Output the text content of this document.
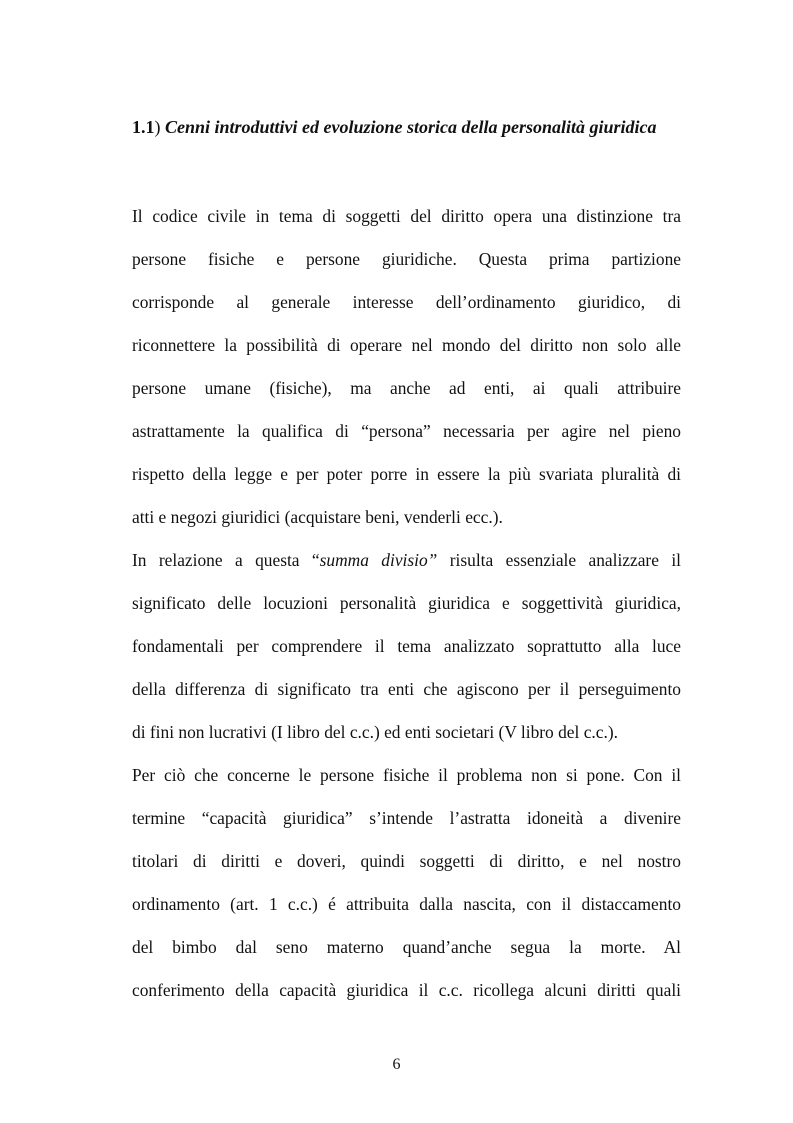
1.1) Cenni introduttivi ed evoluzione storica della personalità giuridica
Il codice civile in tema di soggetti del diritto opera una distinzione tra
persone fisiche e persone giuridiche. Questa prima partizione
corrisponde al generale interesse dell’ordinamento giuridico, di
riconnettere la possibilità di operare nel mondo del diritto non solo alle
persone umane (fisiche), ma anche ad enti, ai quali attribuire
astrattamente la qualifica di “persona” necessaria per agire nel pieno
rispetto della legge e per poter porre in essere la più svariata pluralità di
atti e negozi giuridici (acquistare beni, venderli ecc.).
In relazione a questa “summa divisio” risulta essenziale analizzare il
significato delle locuzioni personalità giuridica e soggettività giuridica,
fondamentali per comprendere il tema analizzato soprattutto alla luce
della differenza di significato tra enti che agiscono per il perseguimento
di fini non lucrativi (I libro del c.c.) ed enti societari (V libro del c.c.).
Per ciò che concerne le persone fisiche il problema non si pone. Con il
termine “capacità giuridica” s’intende l’astratta idoneità a divenire
titolari di diritti e doveri, quindi soggetti di diritto, e nel nostro
ordinamento (art. 1 c.c.) é attribuita dalla nascita, con il distaccamento
del bimbo dal seno materno quand’anche segua la morte. Al
conferimento della capacità giuridica il c.c. ricollega alcuni diritti quali
6
